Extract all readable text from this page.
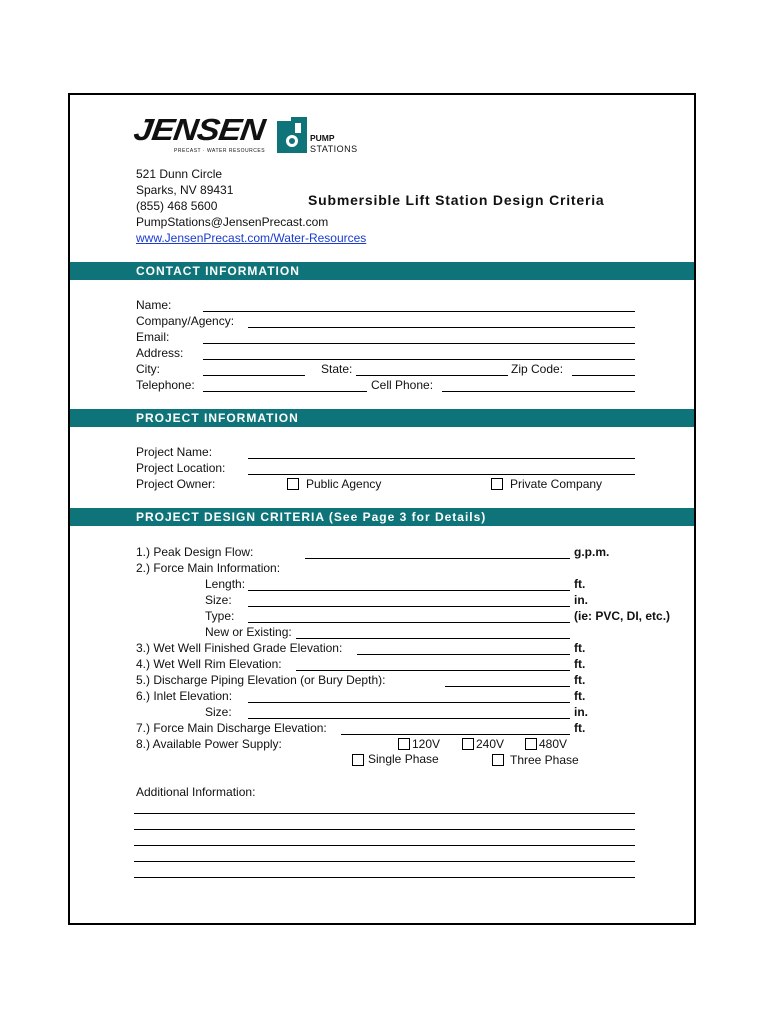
JENSEN
PRECAST · WATER RESOURCES
PUMP
STATIONS
521 Dunn Circle
Sparks, NV 89431
(855) 468 5600
PumpStations@JensenPrecast.com
www.JensenPrecast.com/Water-Resources
Submersible Lift Station Design Criteria
CONTACT INFORMATION
Name:
Company/Agency:
Email:
Address:
City:	State:	Zip Code:
Telephone:	Cell Phone:
PROJECT INFORMATION
Project Name:
Project Location:
Project Owner:	Public Agency	Private Company
PROJECT DESIGN CRITERIA (See Page 3 for Details)
1.) Peak Design Flow:	g.p.m.
2.) Force Main Information:
Length:	ft.
Size:	in.
Type:	(ie: PVC, DI, etc.)
New or Existing:
3.) Wet Well Finished Grade Elevation:	ft.
4.) Wet Well Rim Elevation:	ft.
5.) Discharge Piping Elevation (or Bury Depth):	ft.
6.) Inlet Elevation:	ft.
Size:	in.
7.) Force Main Discharge Elevation:	ft.
8.) Available Power Supply:	120V	240V	480V
Single Phase	Three Phase
Additional Information:
